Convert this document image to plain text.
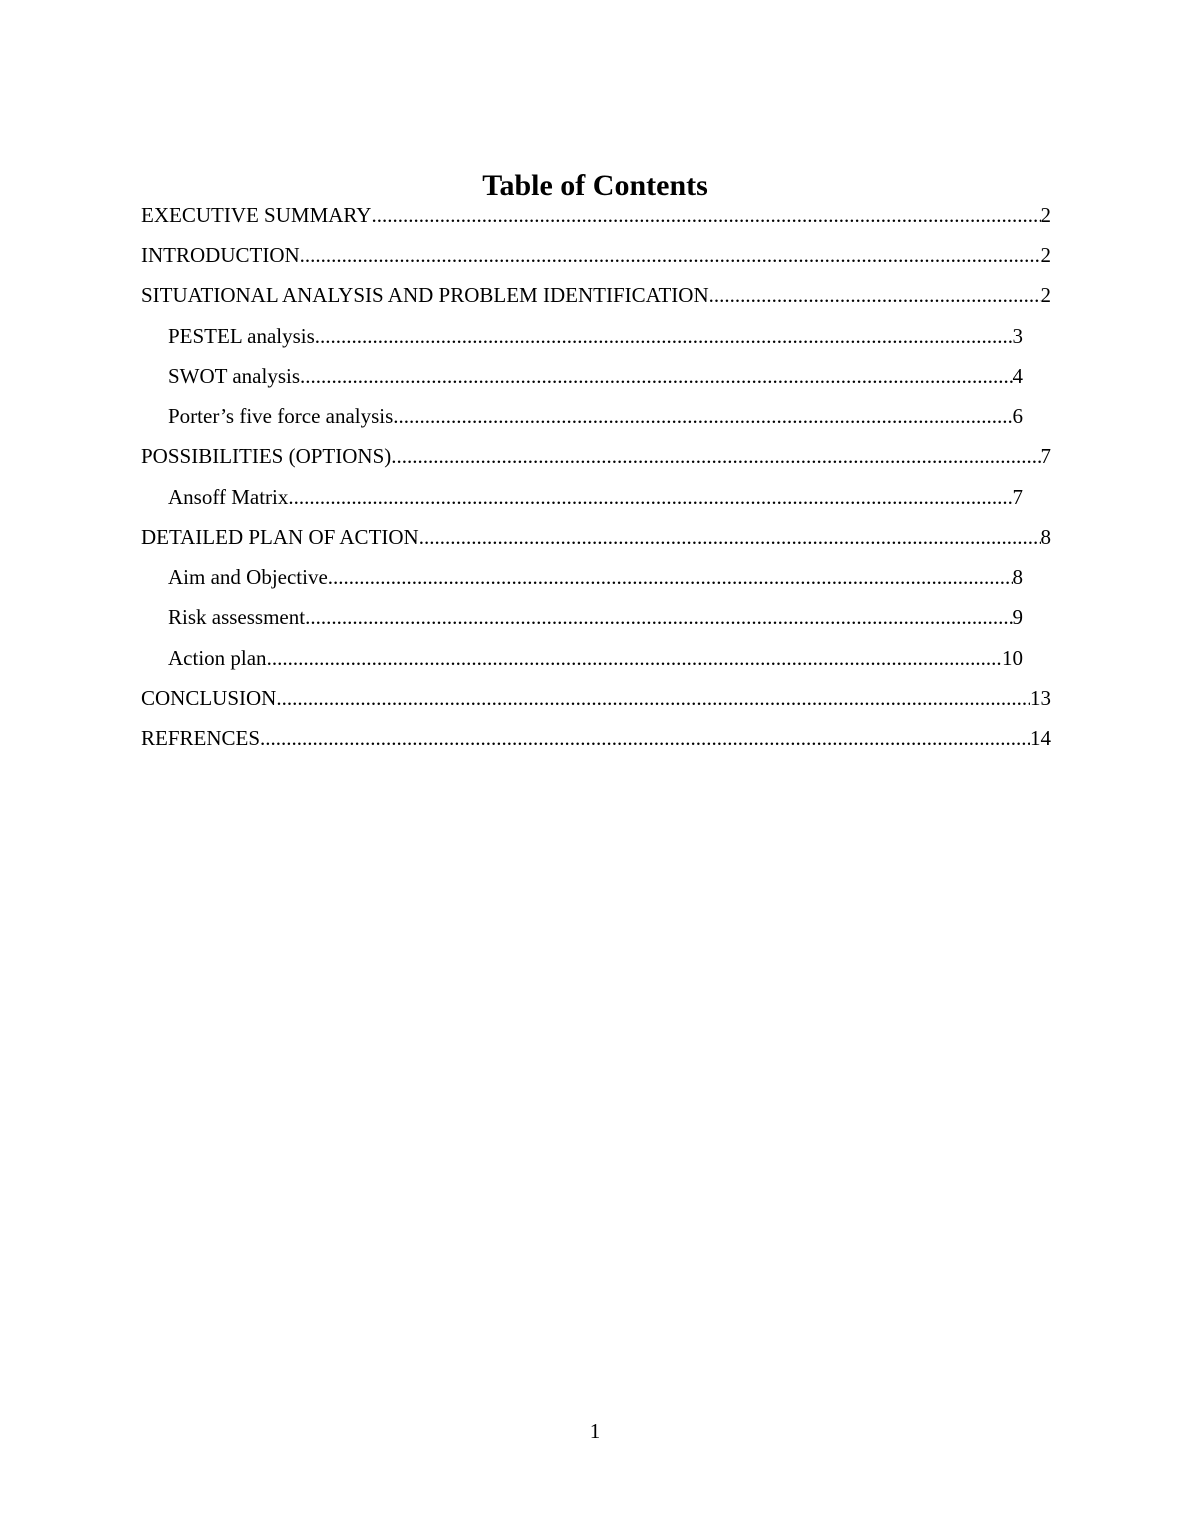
Table of Contents
EXECUTIVE SUMMARY .....	2
INTRODUCTION .....	2
SITUATIONAL ANALYSIS AND PROBLEM IDENTIFICATION .....	2
PESTEL analysis .....	3
SWOT analysis .....	4
Porter’s five force analysis .....	6
POSSIBILITIES (OPTIONS) .....	7
Ansoff Matrix .....	7
DETAILED PLAN OF ACTION .....	8
Aim and Objective .....	8
Risk assessment .....	9
Action plan .....	10
CONCLUSION .....	13
REFRENCES .....	14
1
